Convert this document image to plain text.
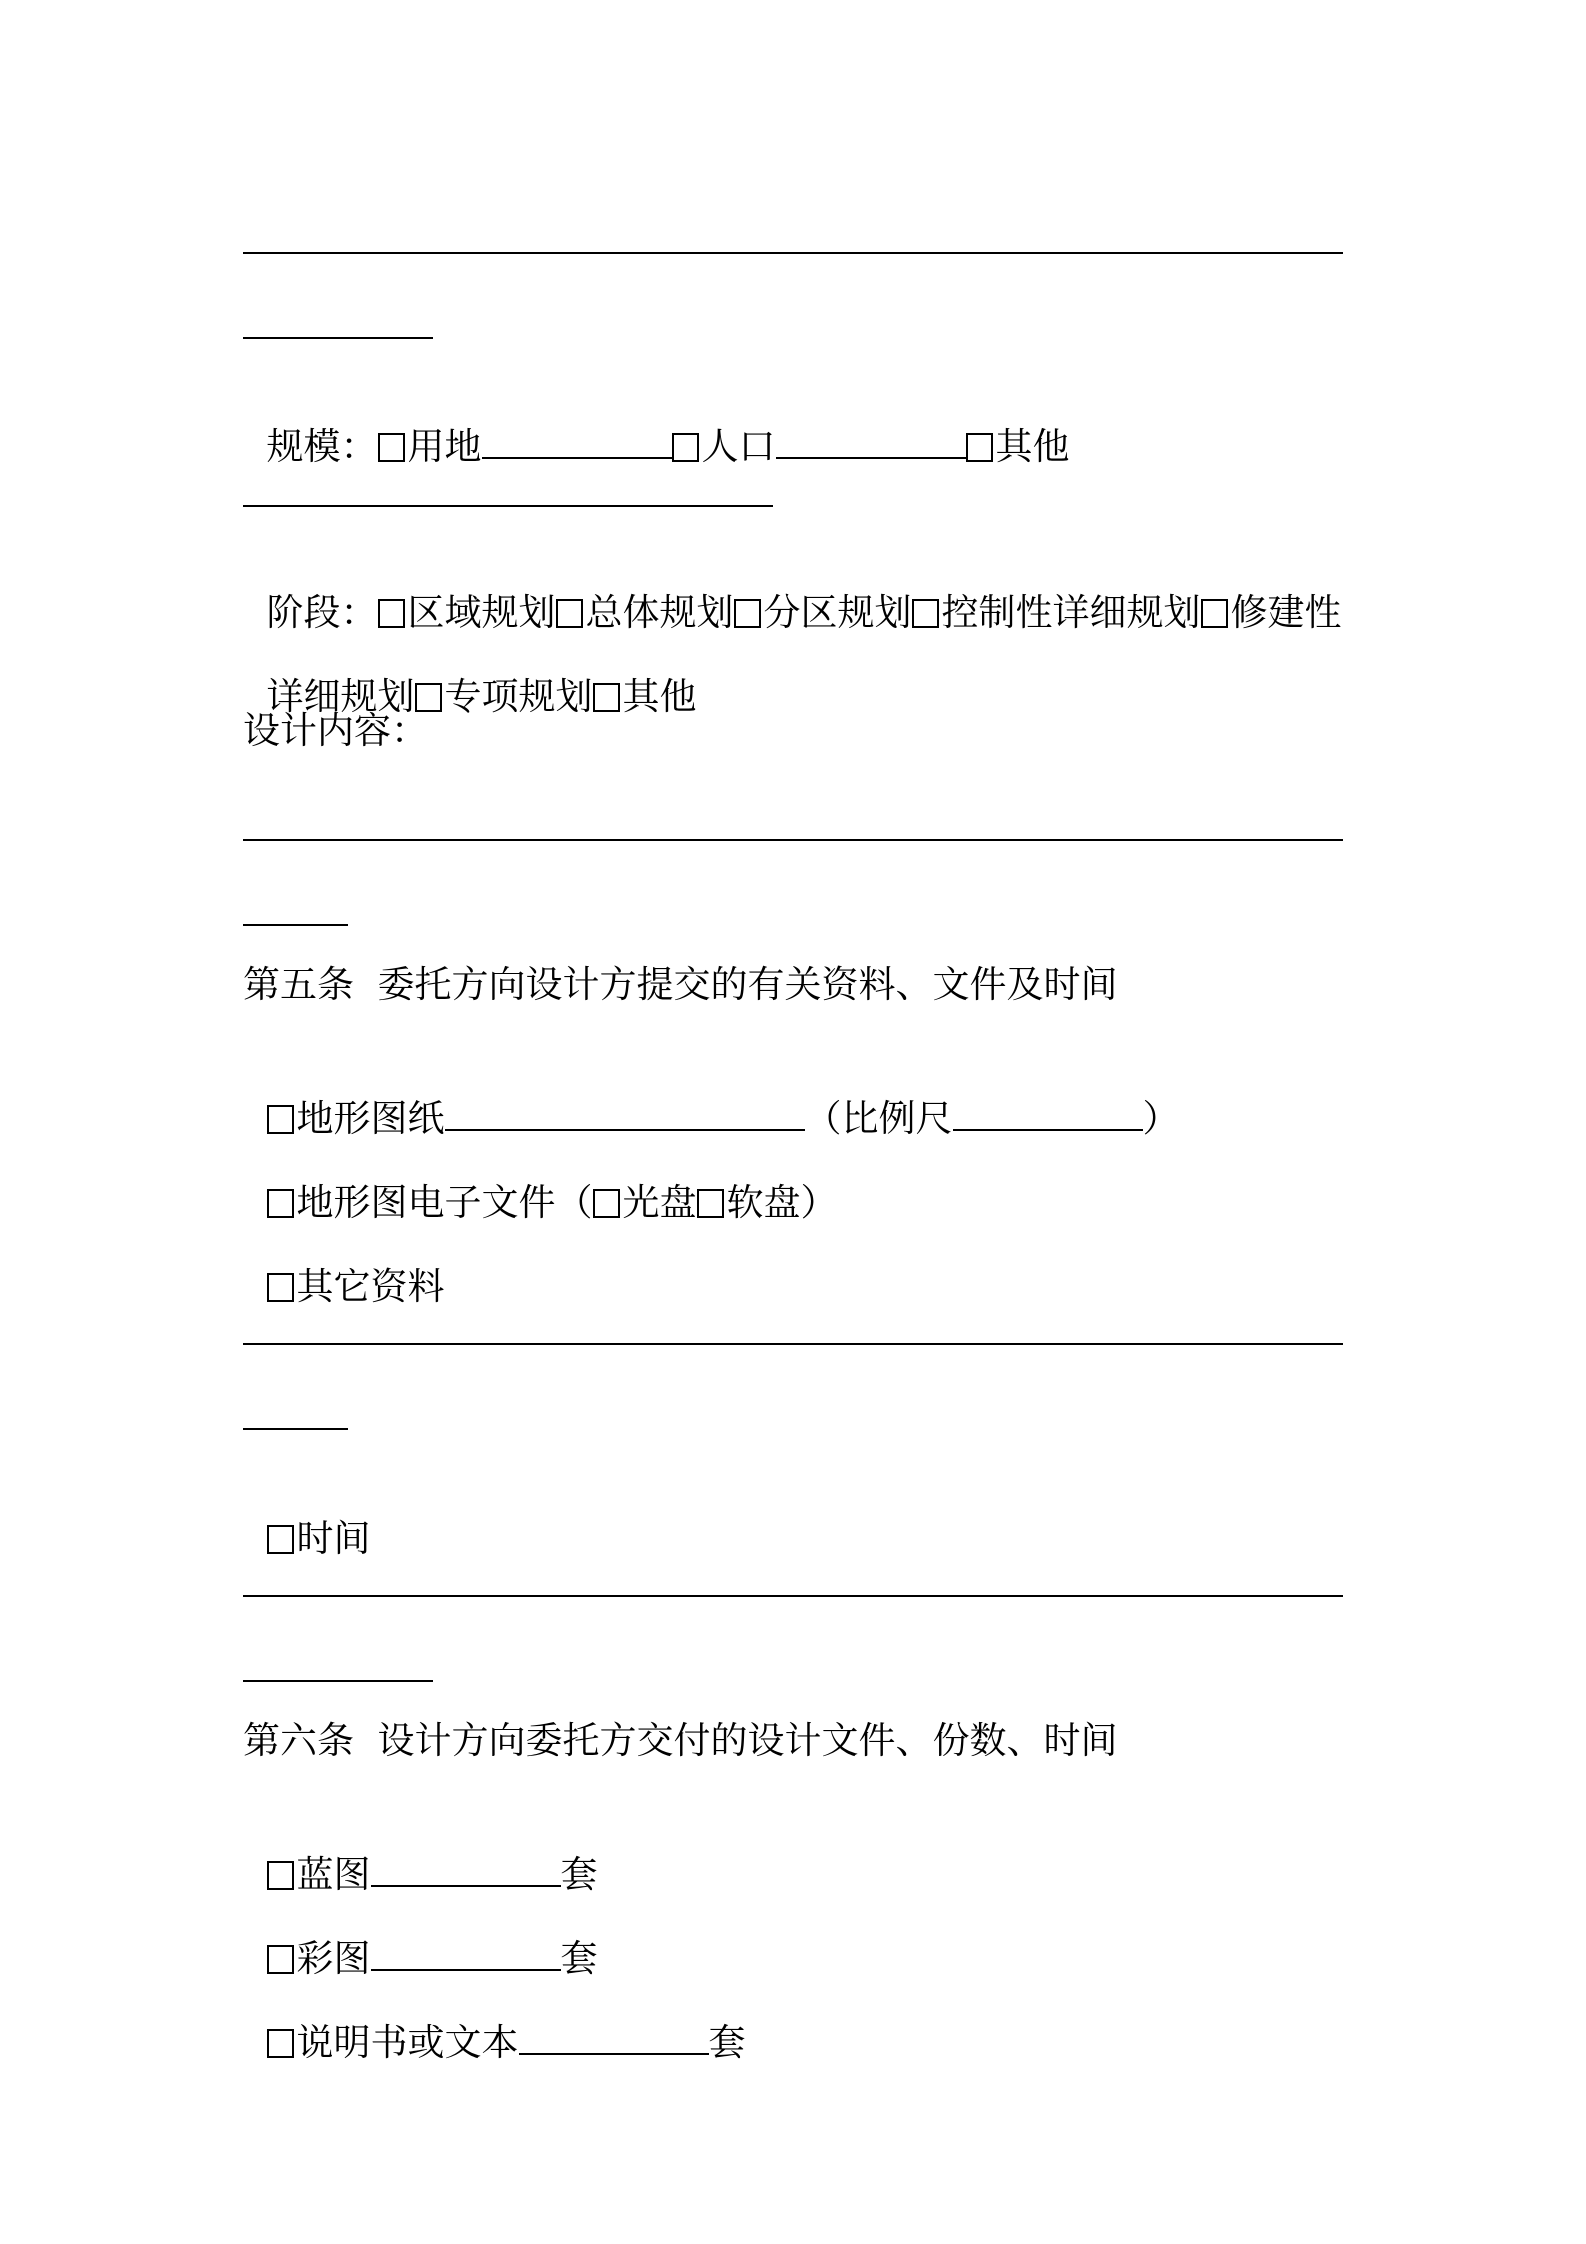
规模： 用地	人口	其他

阶段： 区域规划 总体规划 分区规划 控制性详细规划 修建性

详细规划 专项规划 其他

设计内容：
第五条  委托方向设计方提交的有关资料、文件及时间

地形图纸	（比例尺	）

地形图电子文件（ 光盘 软盘）

其它资料

时间

第六条  设计方向委托方交付的设计文件、份数、时间

蓝图	套

彩图	套

说明书或文本	套
